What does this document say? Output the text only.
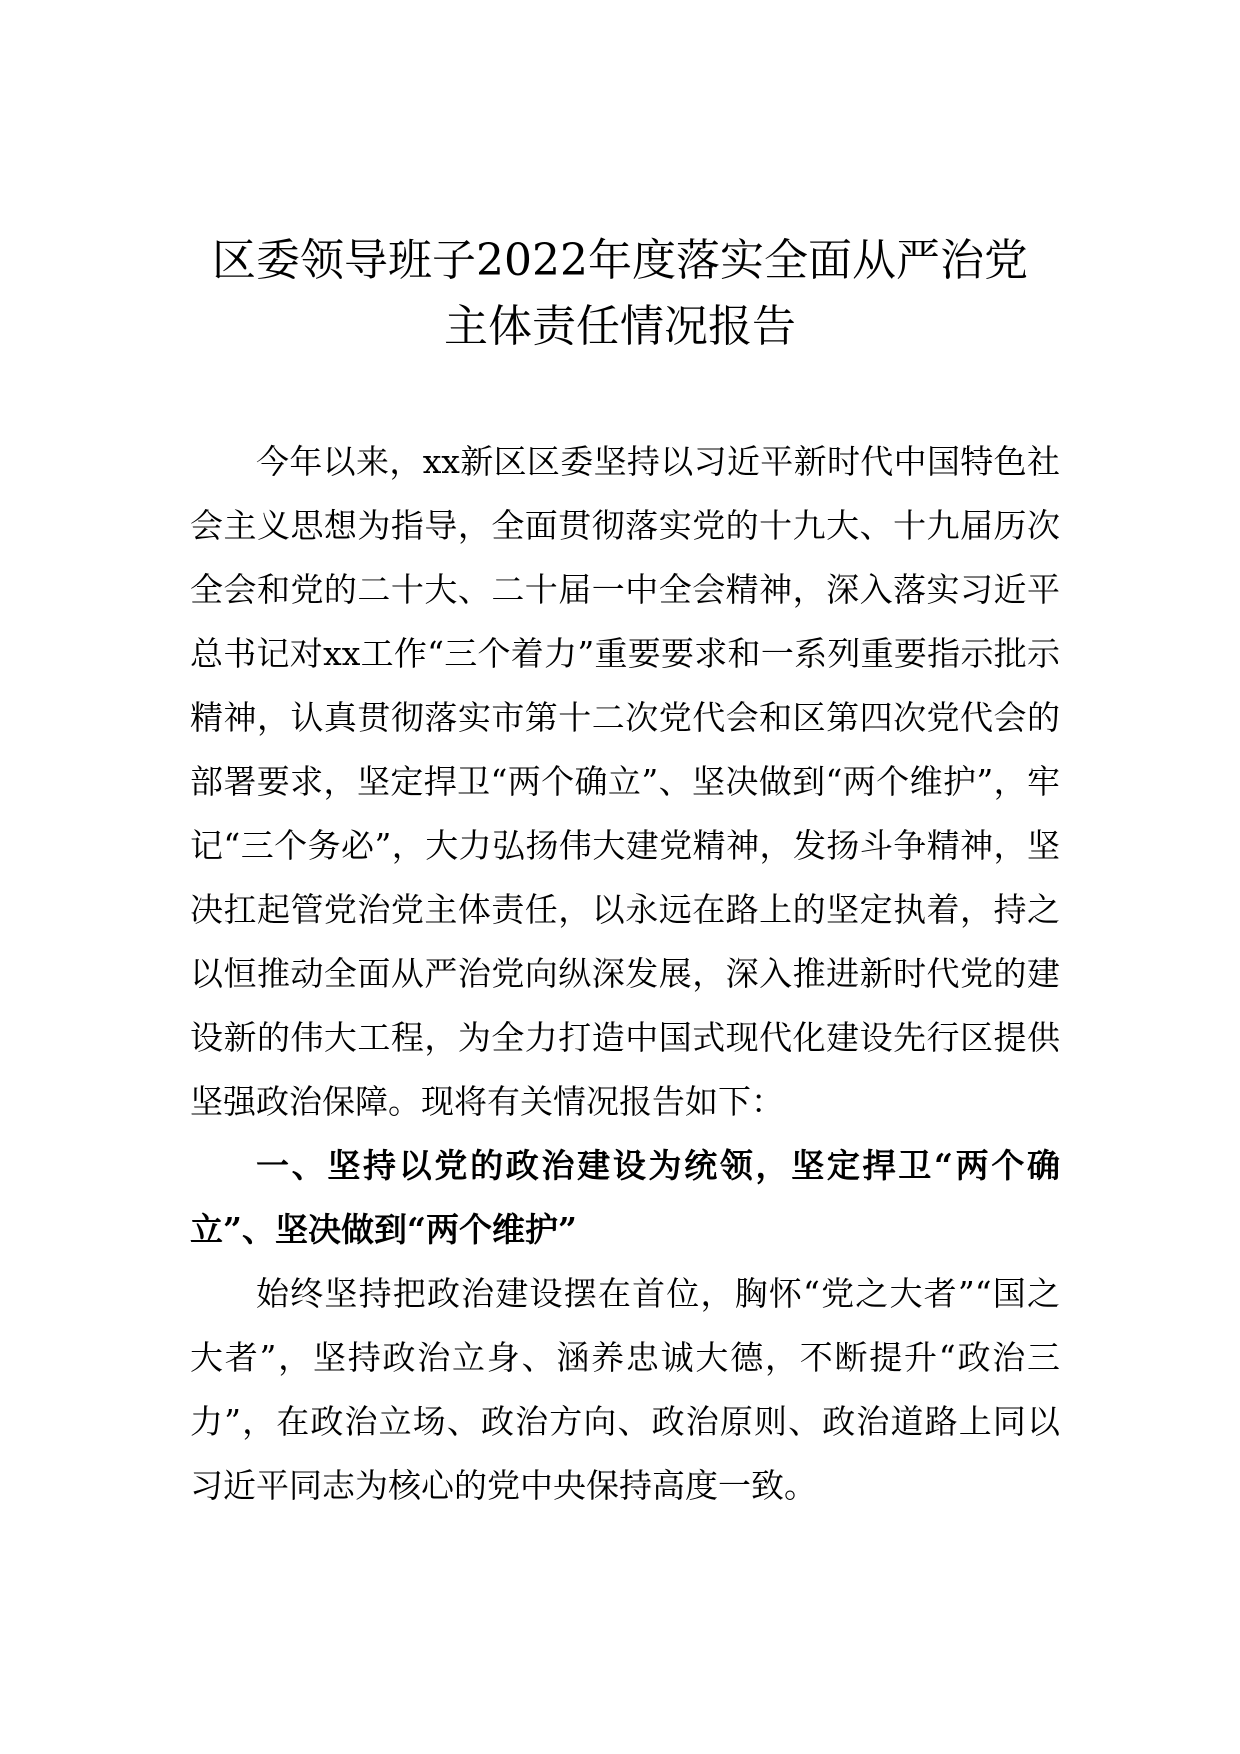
区委领导班子2022年度落实全面从严治党
主体责任情况报告

今年以来，xx新区区委坚持以习近平新时代中国特色社会主义思想为指导，全面贯彻落实党的十九大、十九届历次全会和党的二十大、二十届一中全会精神，深入落实习近平总书记对xx工作“三个着力”重要要求和一系列重要指示批示精神，认真贯彻落实市第十二次党代会和区第四次党代会的部署要求，坚定捍卫“两个确立”、坚决做到“两个维护”，牢记“三个务必”，大力弘扬伟大建党精神，发扬斗争精神，坚决扛起管党治党主体责任，以永远在路上的坚定执着，持之以恒推动全面从严治党向纵深发展，深入推进新时代党的建设新的伟大工程，为全力打造中国式现代化建设先行区提供坚强政治保障。现将有关情况报告如下：

一、坚持以党的政治建设为统领，坚定捍卫“两个确立”、坚决做到“两个维护”

始终坚持把政治建设摆在首位，胸怀“党之大者”“国之大者”，坚持政治立身、涵养忠诚大德，不断提升“政治三力”，在政治立场、政治方向、政治原则、政治道路上同以习近平同志为核心的党中央保持高度一致。
